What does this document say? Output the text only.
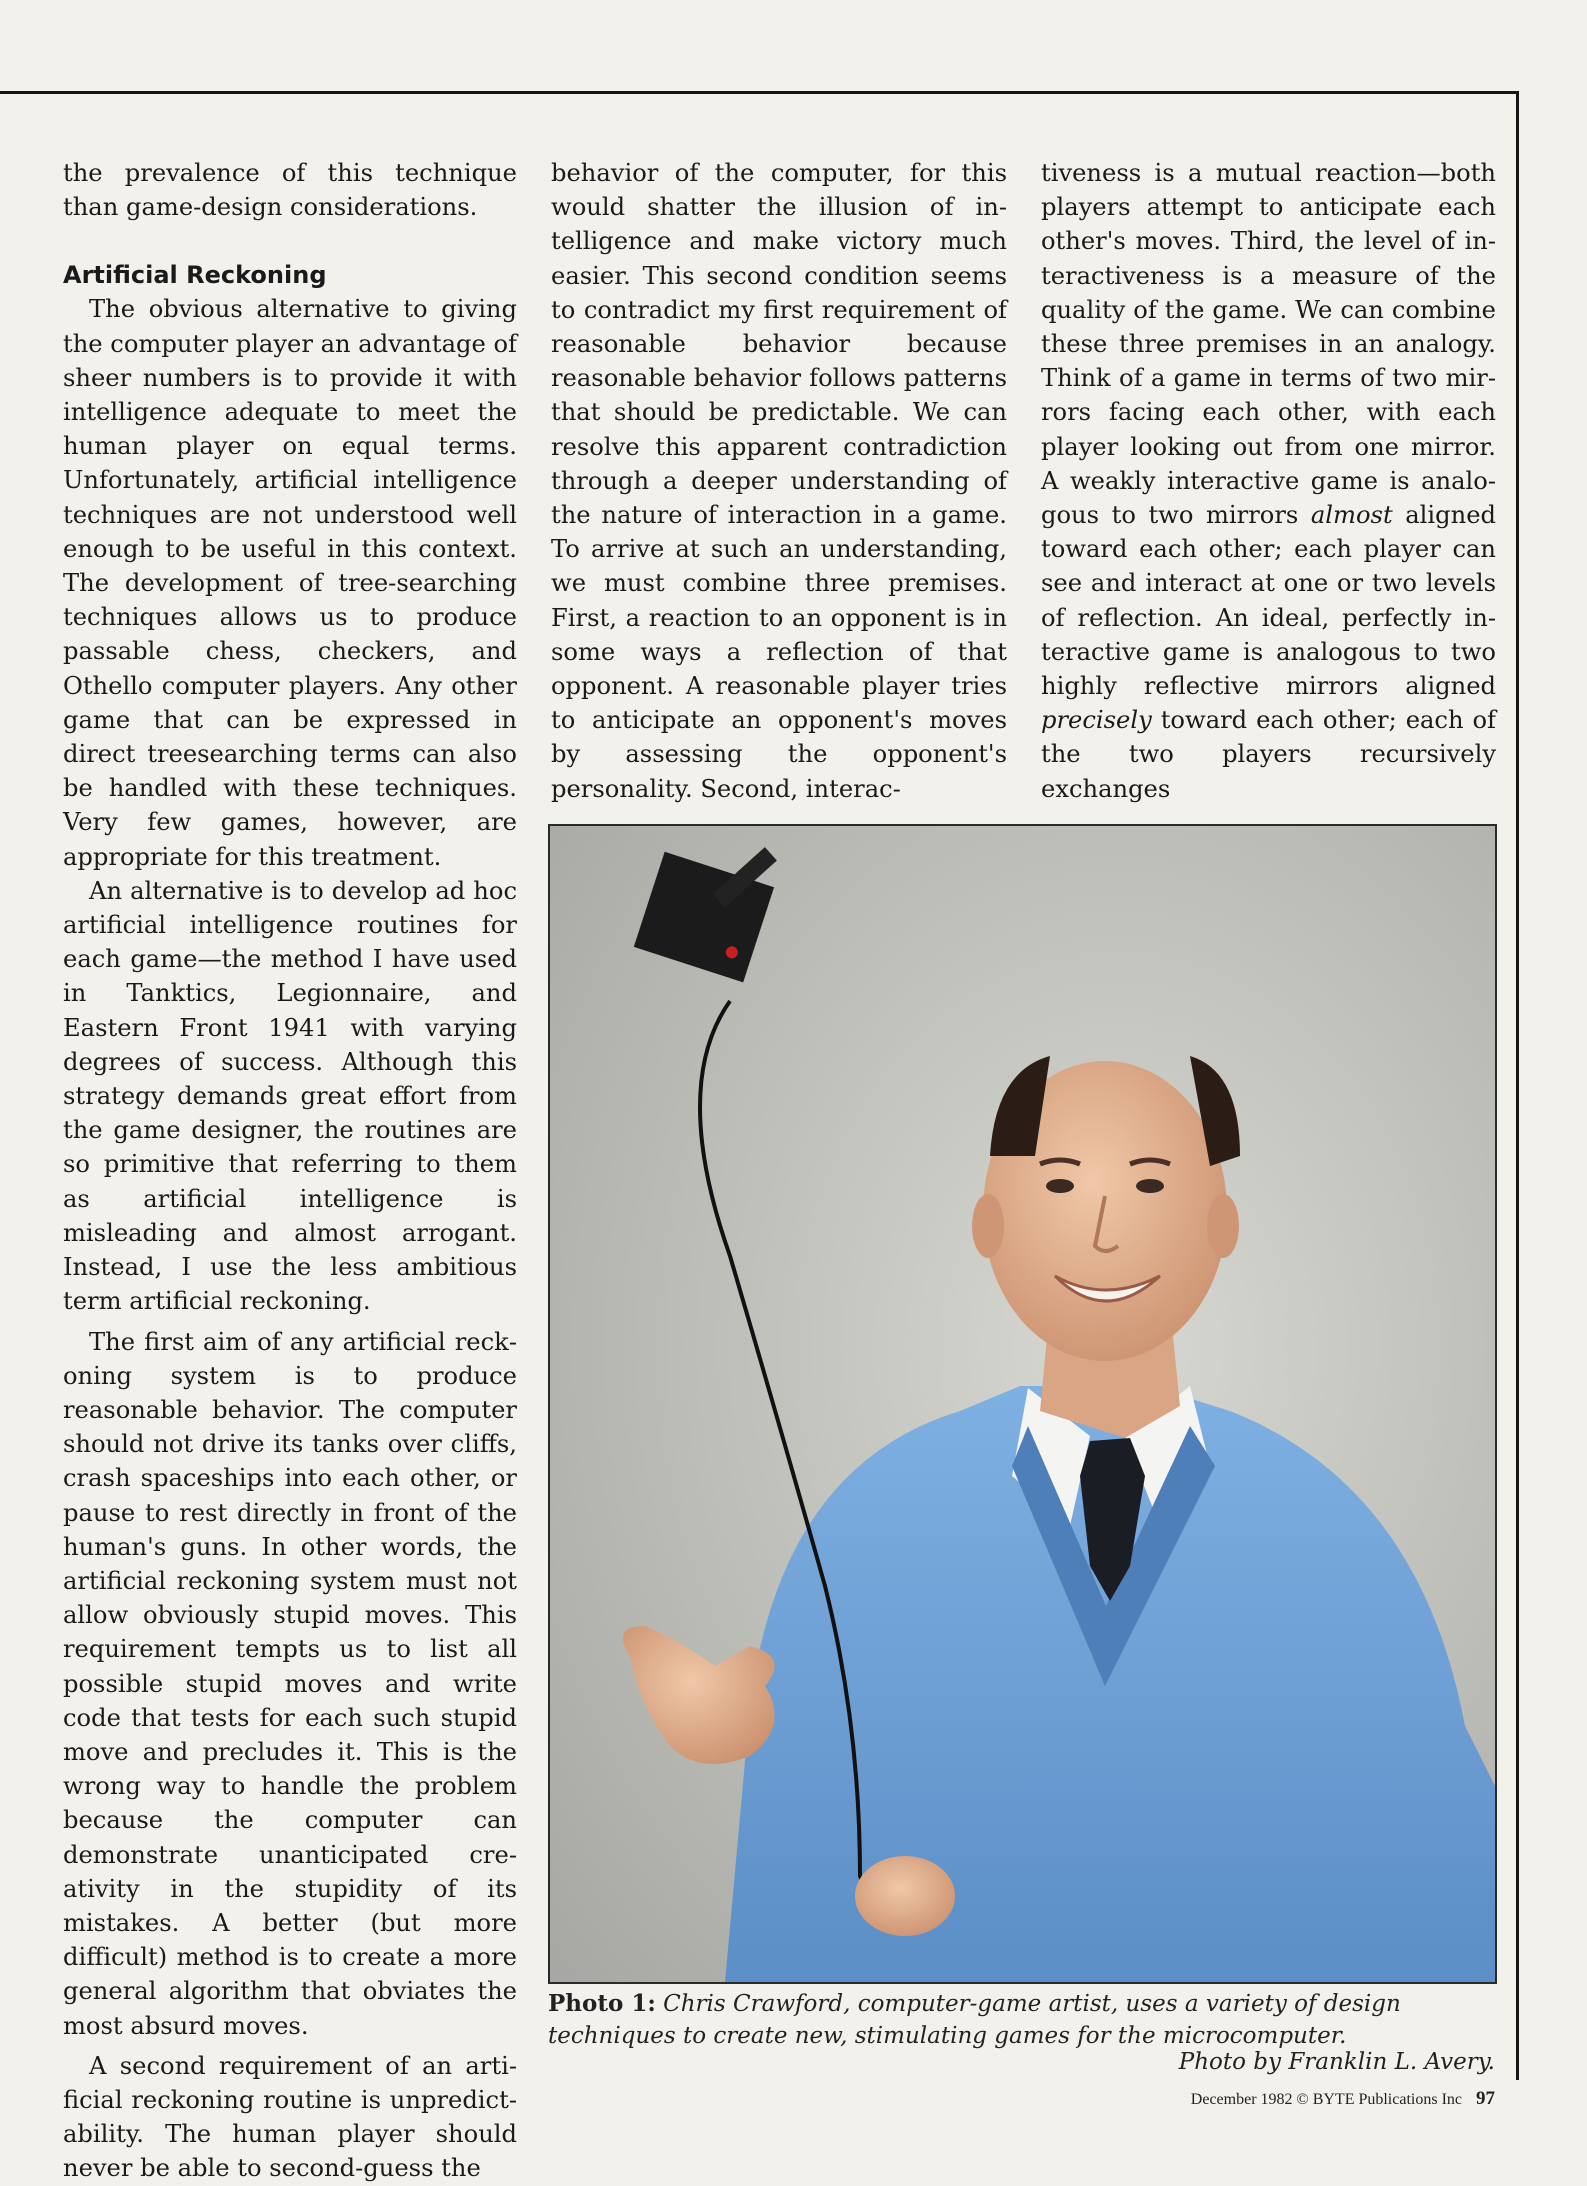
the prevalence of this technique than game-design considerations.

Artificial Reckoning

The obvious alternative to giving the computer player an advantage of sheer numbers is to provide it with intelligence adequate to meet the human player on equal terms. Unfortunately, artificial intelligence techniques are not understood well enough to be useful in this context. The development of tree-searching techniques allows us to produce passable chess, checkers, and Othello computer players. Any other game that can be expressed in direct treesearching terms can also be handled with these techniques. Very few games, however, are appropriate for this treatment.

An alternative is to develop ad hoc artificial intelligence routines for each game—the method I have used in Tanktics, Legionnaire, and Eastern Front 1941 with varying degrees of success. Although this strategy demands great effort from the game designer, the routines are so primitive that referring to them as artificial intelligence is misleading and almost arrogant. Instead, I use the less ambitious term artificial reckoning.

The first aim of any artificial reckoning system is to produce reasonable behavior. The computer should not drive its tanks over cliffs, crash spaceships into each other, or pause to rest directly in front of the human's guns. In other words, the artificial reckoning system must not allow obviously stupid moves. This requirement tempts us to list all possible stupid moves and write code that tests for each such stupid move and precludes it. This is the wrong way to handle the problem because the computer can demonstrate unanticipated creativity in the stupidity of its mistakes. A better (but more difficult) method is to create a more general algorithm that obviates the most absurd moves.

A second requirement of an artificial reckoning routine is unpredictability. The human player should never be able to second-guess the

behavior of the computer, for this would shatter the illusion of intelligence and make victory much easier. This second condition seems to contradict my first requirement of reasonable behavior because reasonable behavior follows patterns that should be predictable. We can resolve this apparent contradiction through a deeper understanding of the nature of interaction in a game. To arrive at such an understanding, we must combine three premises. First, a reaction to an opponent is in some ways a reflection of that opponent. A reasonable player tries to anticipate an opponent's moves by assessing the opponent's personality. Second, interac-

tiveness is a mutual reaction—both players attempt to anticipate each other's moves. Third, the level of interactiveness is a measure of the quality of the game. We can combine these three premises in an analogy. Think of a game in terms of two mirrors facing each other, with each player looking out from one mirror. A weakly interactive game is analogous to two mirrors almost aligned toward each other; each player can see and interact at one or two levels of reflection. An ideal, perfectly interactive game is analogous to two highly reflective mirrors aligned precisely toward each other; each of the two players recursively exchanges

Photo 1: Chris Crawford, computer-game artist, uses a variety of design techniques to create new, stimulating games for the microcomputer.
Photo by Franklin L. Avery.
December 1982 © BYTE Publications Inc 97
